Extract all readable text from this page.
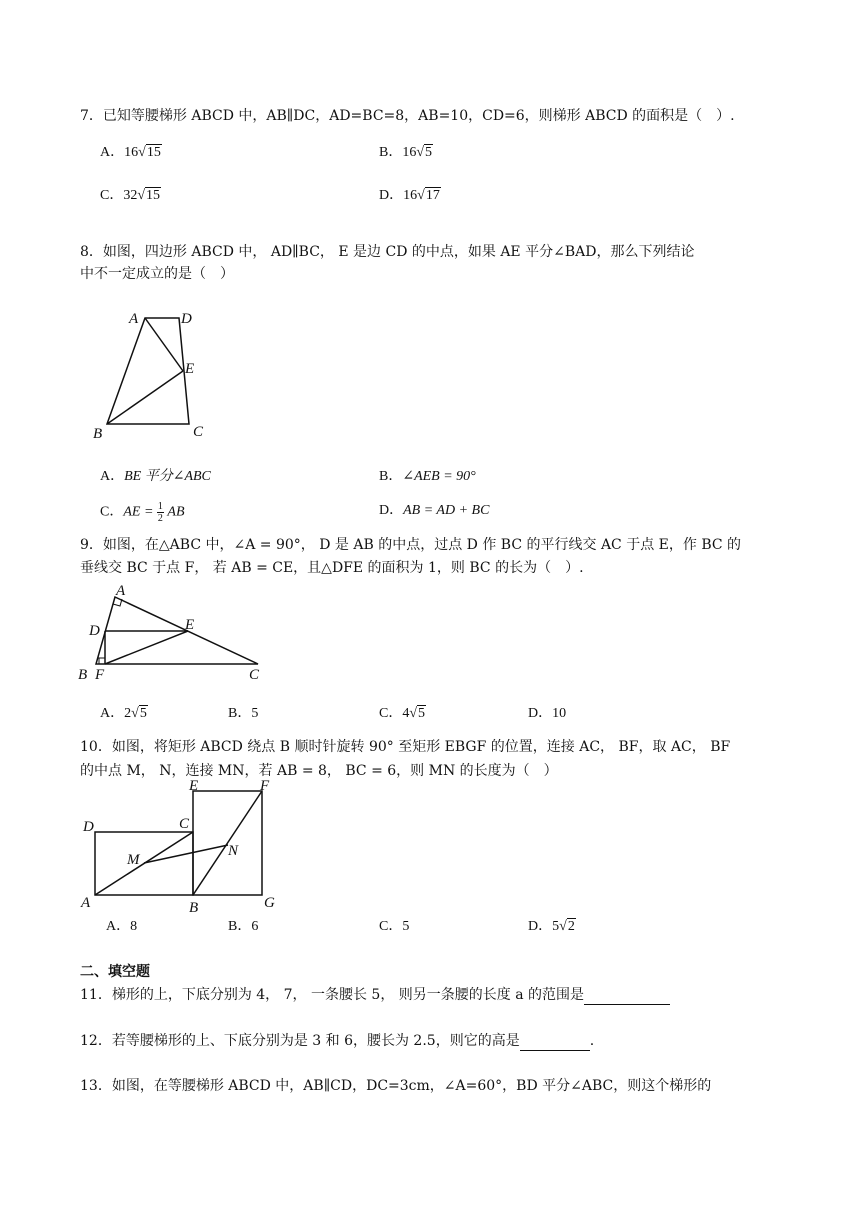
7．已知等腰梯形 ABCD 中，AB∥DC，AD=BC=8，AB=10，CD=6，则梯形 ABCD 的面积是（　）.
A．16√15	B．16√5
C．32√15	D．16√17
8．如图，四边形 ABCD 中， AD∥BC， E 是边 CD 的中点，如果 AE 平分∠BAD，那么下列结论
中不一定成立的是（　）
A	D
E
B	C
A．BE 平分∠ABC	B．∠AEB = 90°
C．AE = $\frac{1}{2}$ AB	D．AB = AD + BC
9．如图，在△ABC 中，∠A = 90°， D 是 AB 的中点，过点 D 作 BC 的平行线交 AC 于点 E，作 BC 的
垂线交 BC 于点 F， 若 AB = CE，且△DFE 的面积为 1，则 BC 的长为（　）.
A
D	E
B F	C
A．2√5	B．5	C．4√5	D．10
10．如图，将矩形 ABCD 绕点 B 顺时针旋转 90° 至矩形 EBGF 的位置，连接 AC， BF，取 AC， BF
的中点 M， N，连接 MN，若 AB = 8， BC = 6，则 MN 的长度为（　）
D	C
E	F
M
N
A	B	G
A．8	B．6	C．5	D．5√2
二、填空题
11．梯形的上，下底分别为 4， 7， 一条腰长 5， 则另一条腰的长度 a 的范围是
12．若等腰梯形的上、下底分别为是 3 和 6，腰长为 2.5，则它的高是	.
13．如图，在等腰梯形 ABCD 中，AB∥CD，DC=3cm，∠A=60°，BD 平分∠ABC，则这个梯形的
